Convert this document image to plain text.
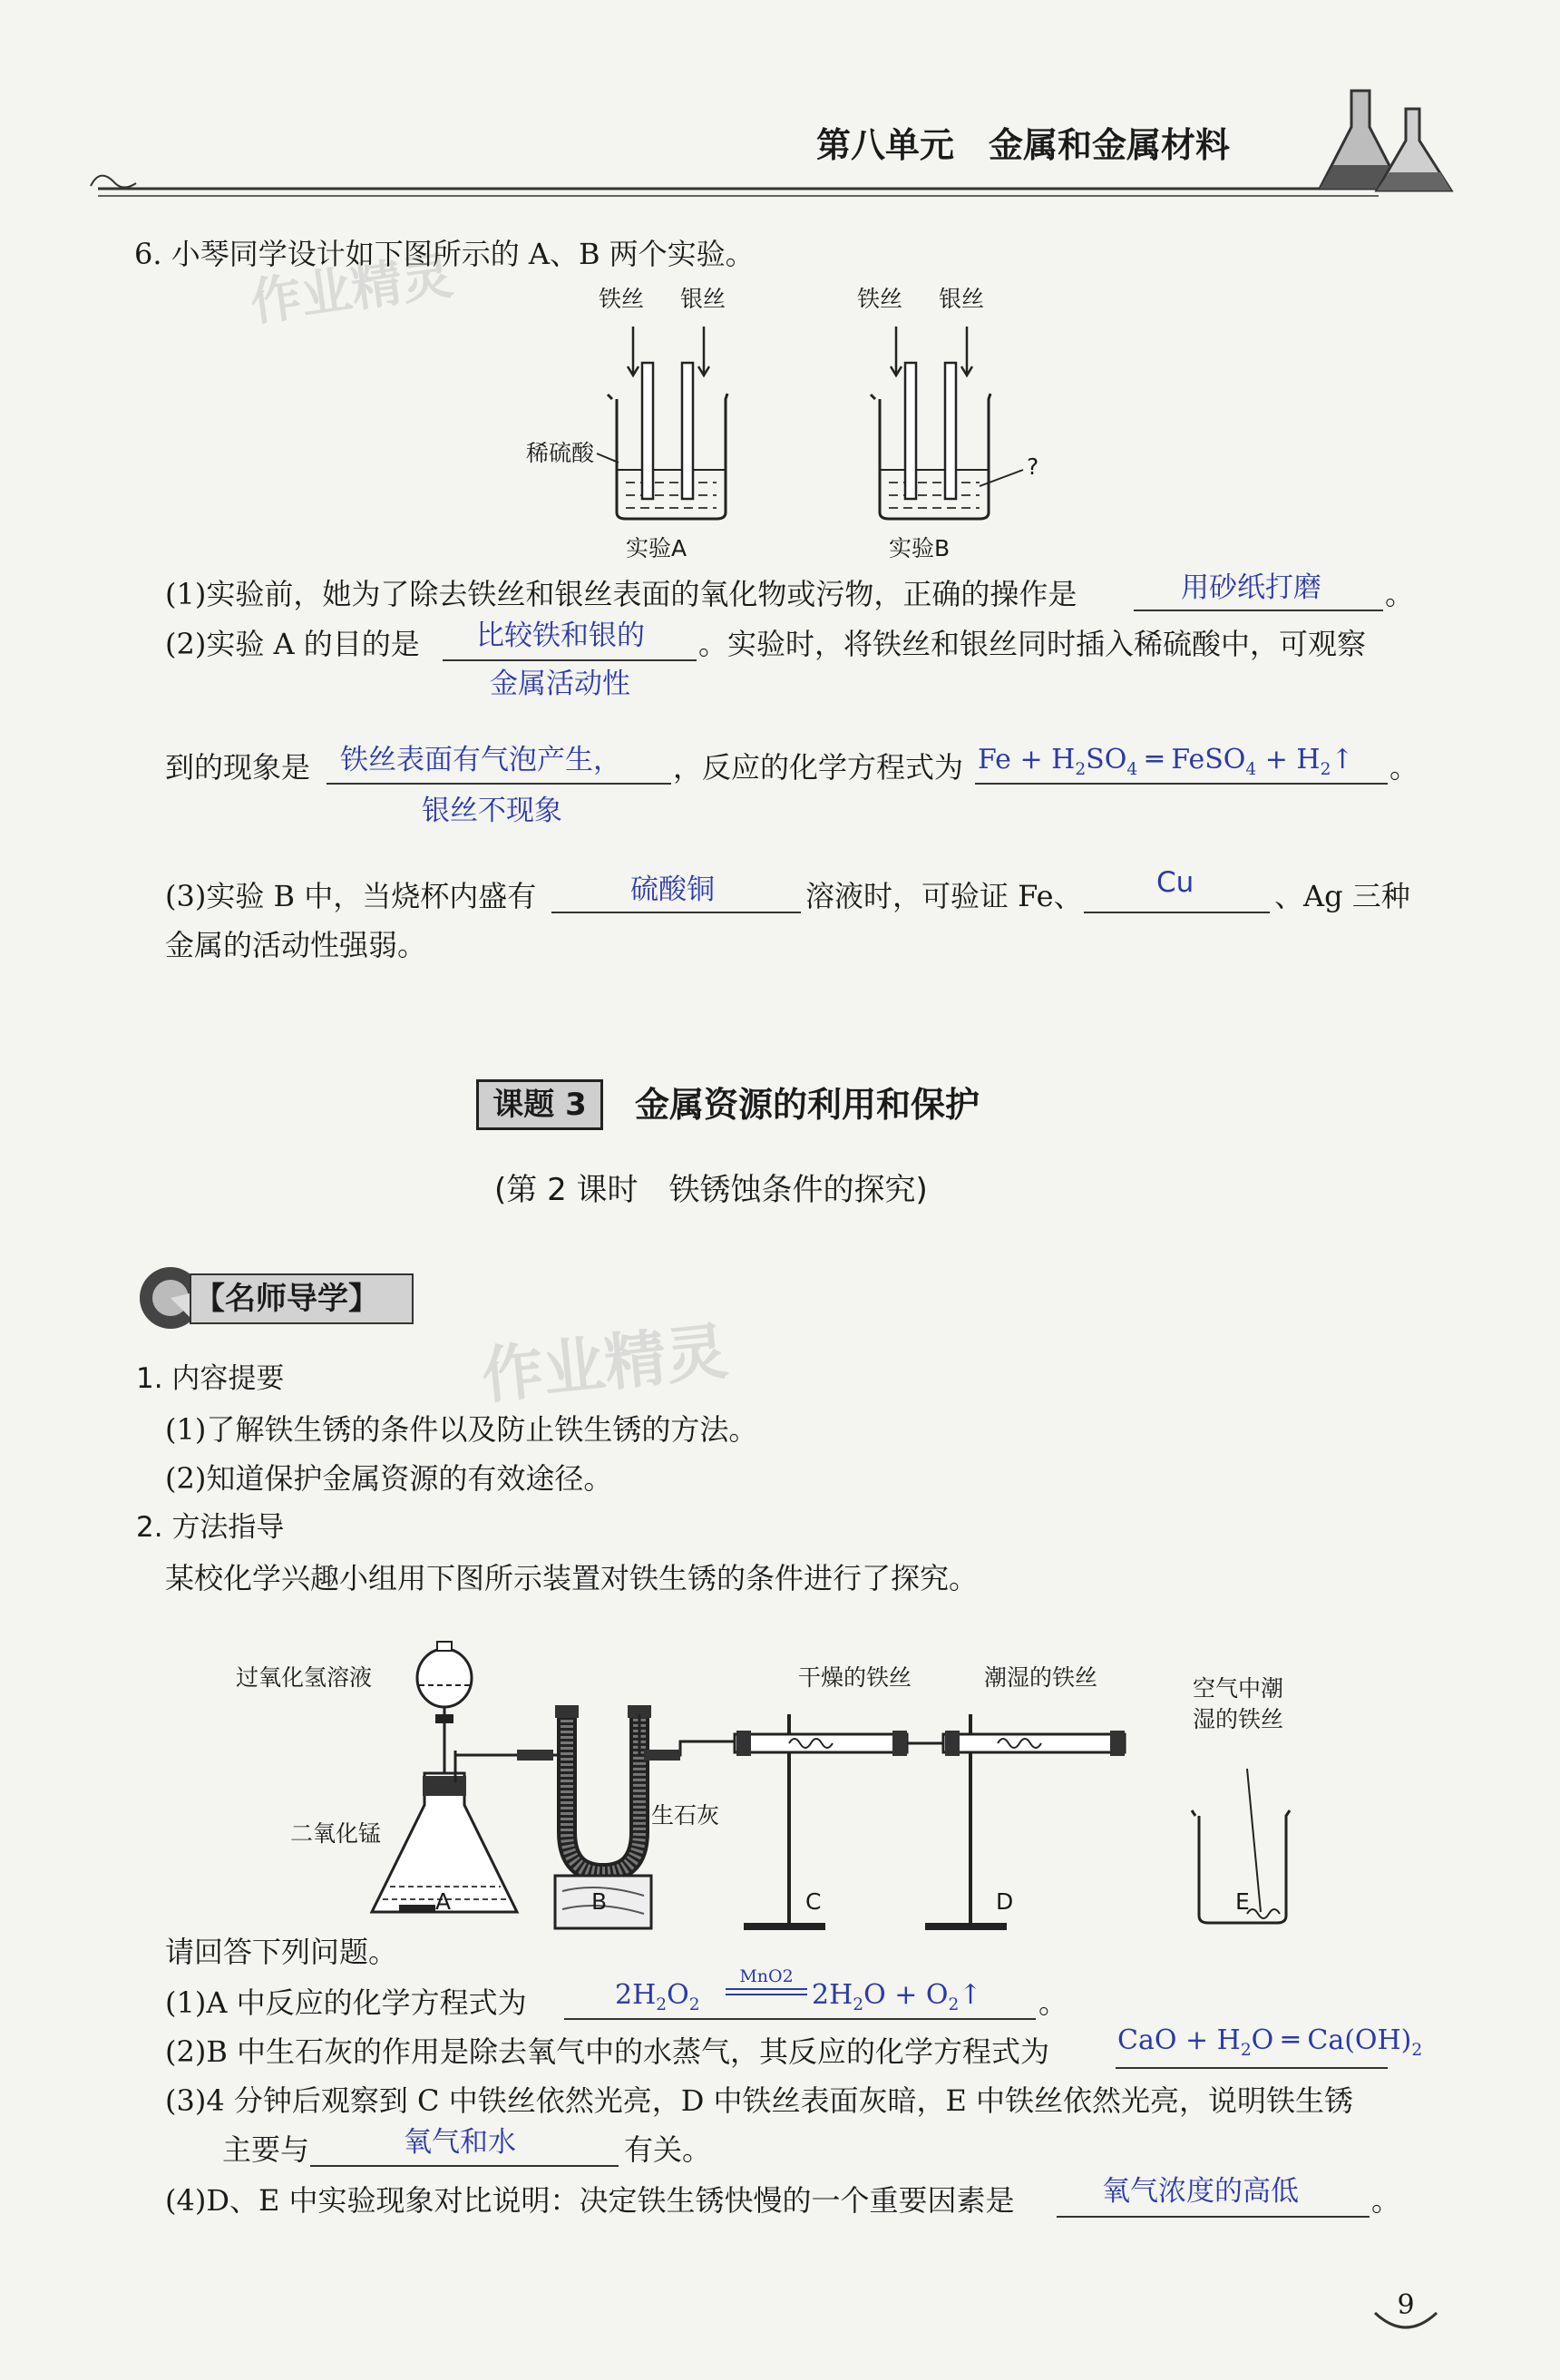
第八单元　金属和金属材料
作业精灵
作业精灵
6. 小琴同学设计如下图所示的 A、B 两个实验。
铁丝 银丝	铁丝 银丝
稀硫酸
?
实验A	实验B
(1)实验前，她为了除去铁丝和银丝表面的氧化物或污物，正确的操作是	用砂纸打磨 。
(2)实验 A 的目的是 比较铁和银的
金属活动性
。实验时，将铁丝和银丝同时插入稀硫酸中，可观察
到的现象是 铁丝表面有气泡产生，
银丝不现象
，反应的化学方程式为 $Fe + H_2SO_4$ ═ FeSO$_4$ + $H_2↑$ 。
(3)实验 B 中，当烧杯内盛有	硫酸铜	溶液时，可验证 Fe、	Cu	、Ag 三种
金属的活动性强弱。
课题 3	金属资源的利用和保护
(第 2 课时　铁锈蚀条件的探究)
【名师导学】
1. 内容提要
(1)了解铁生锈的条件以及防止铁生锈的方法。
(2)知道保护金属资源的有效途径。
2. 方法指导
某校化学兴趣小组用下图所示装置对铁生锈的条件进行了探究。
过氧化氢溶液
二氧化锰
生石灰
干燥的铁丝	潮湿的铁丝	空气中潮
湿的铁丝
A	B	C	D	E
请回答下列问题。
(1)A 中反应的化学方程式为	$2H_2O_2$
MnO2
$2H_2O$ + $O_2↑$ 。
(2)B 中生石灰的作用是除去氧气中的水蒸气，其反应的化学方程式为 CaO + $H_2O$ ═ $Ca(OH)_2$
(3)4 分钟后观察到 C 中铁丝依然光亮，D 中铁丝表面灰暗，E 中铁丝依然光亮，说明铁生锈
主要与	氧气和水	有关。
(4)D、E 中实验现象对比说明：决定铁生锈快慢的一个重要因素是	氧气浓度的高低	。
9
